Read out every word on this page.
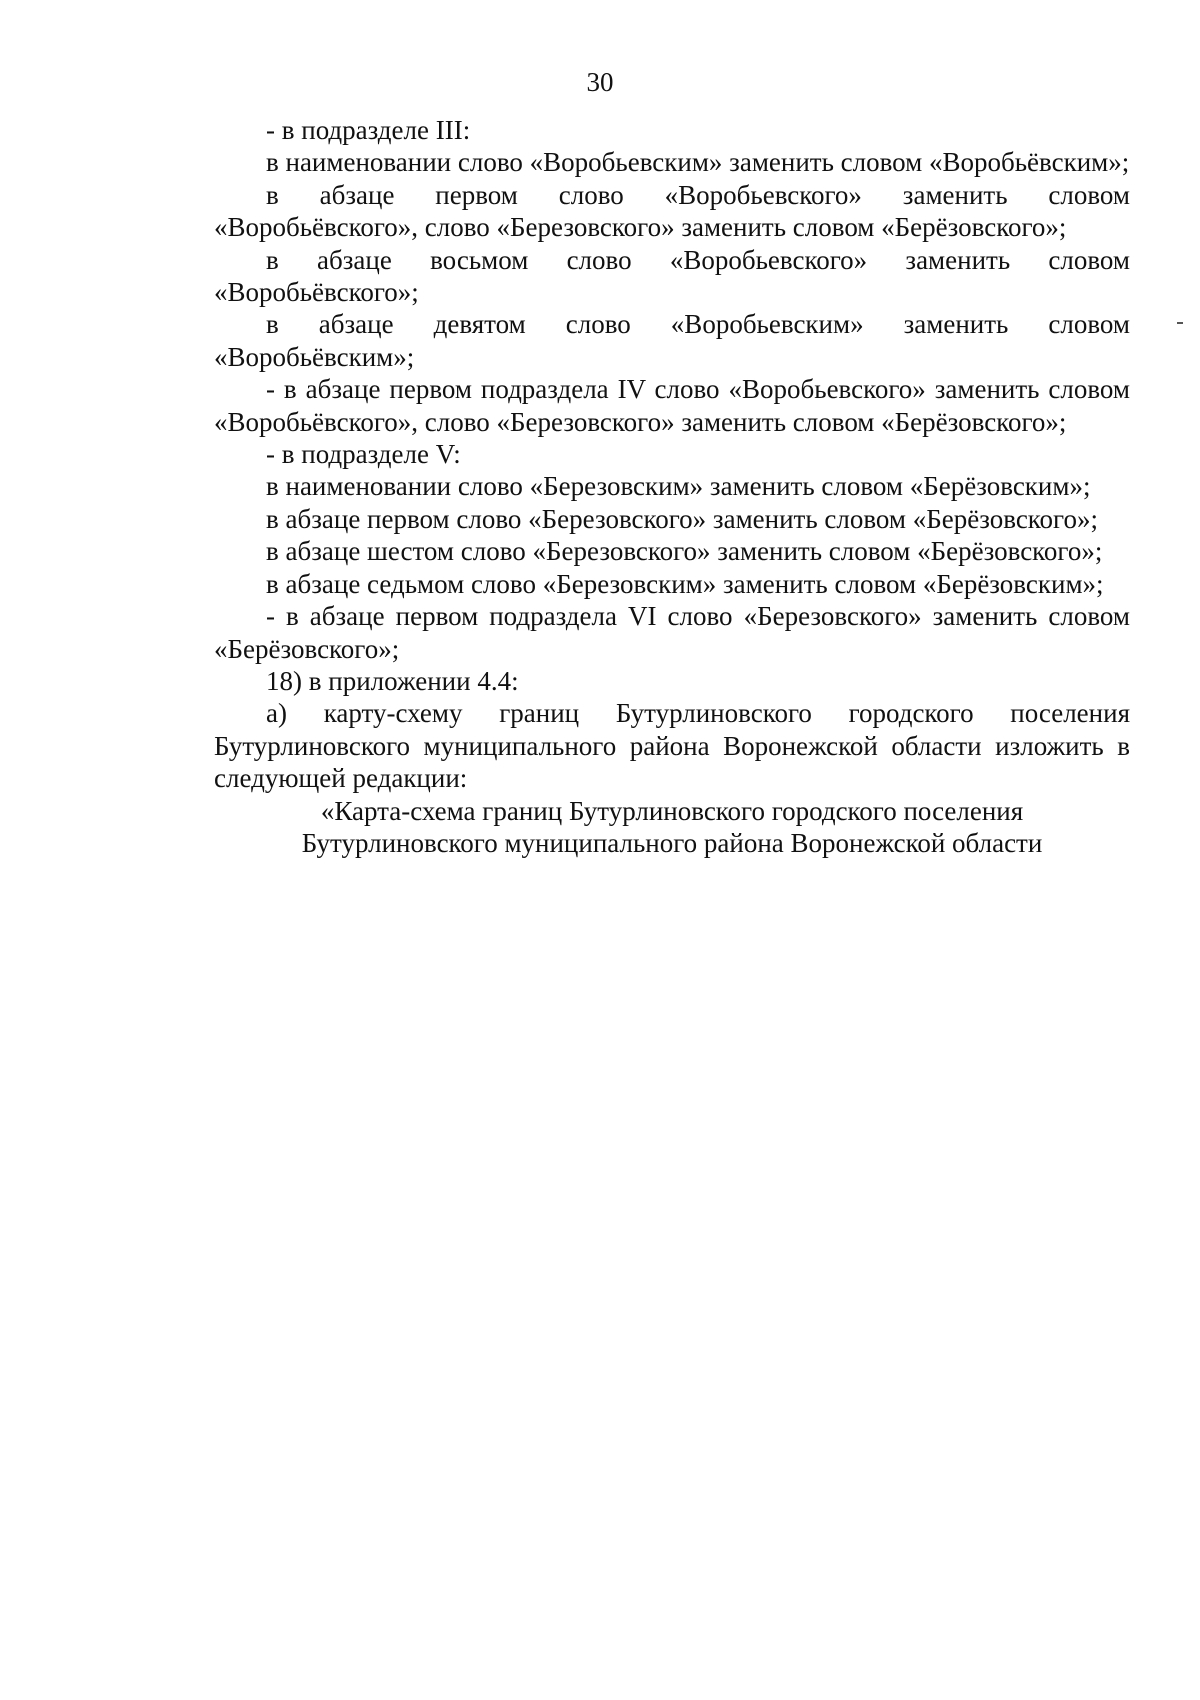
30

- в подразделе III:

в наименовании слово «Воробьевским» заменить словом «Воробьёвским»;

в абзаце первом слово «Воробьевского» заменить словом «Воробьёвского», слово «Березовского» заменить словом «Берёзовского»;

в абзаце восьмом слово «Воробьевского» заменить словом «Воробьёвского»;

в абзаце девятом слово «Воробьевским» заменить словом «Воробьёвским»;

- в абзаце первом подраздела IV слово «Воробьевского» заменить словом «Воробьёвского», слово «Березовского» заменить словом «Берёзовского»;

- в подразделе V:

в наименовании слово «Березовским» заменить словом «Берёзовским»;

в абзаце первом слово «Березовского» заменить словом «Берёзовского»;

в абзаце шестом слово «Березовского» заменить словом «Берёзовского»;

в абзаце седьмом слово «Березовским» заменить словом «Берёзовским»;

- в абзаце первом подраздела VI слово «Березовского» заменить словом «Берёзовского»;

18) в приложении 4.4:

а) карту-схему границ Бутурлиновского городского поселения Бутурлиновского муниципального района Воронежской области изложить в следующей редакции:

«Карта-схема границ Бутурлиновского городского поселения
Бутурлиновского муниципального района Воронежской области
